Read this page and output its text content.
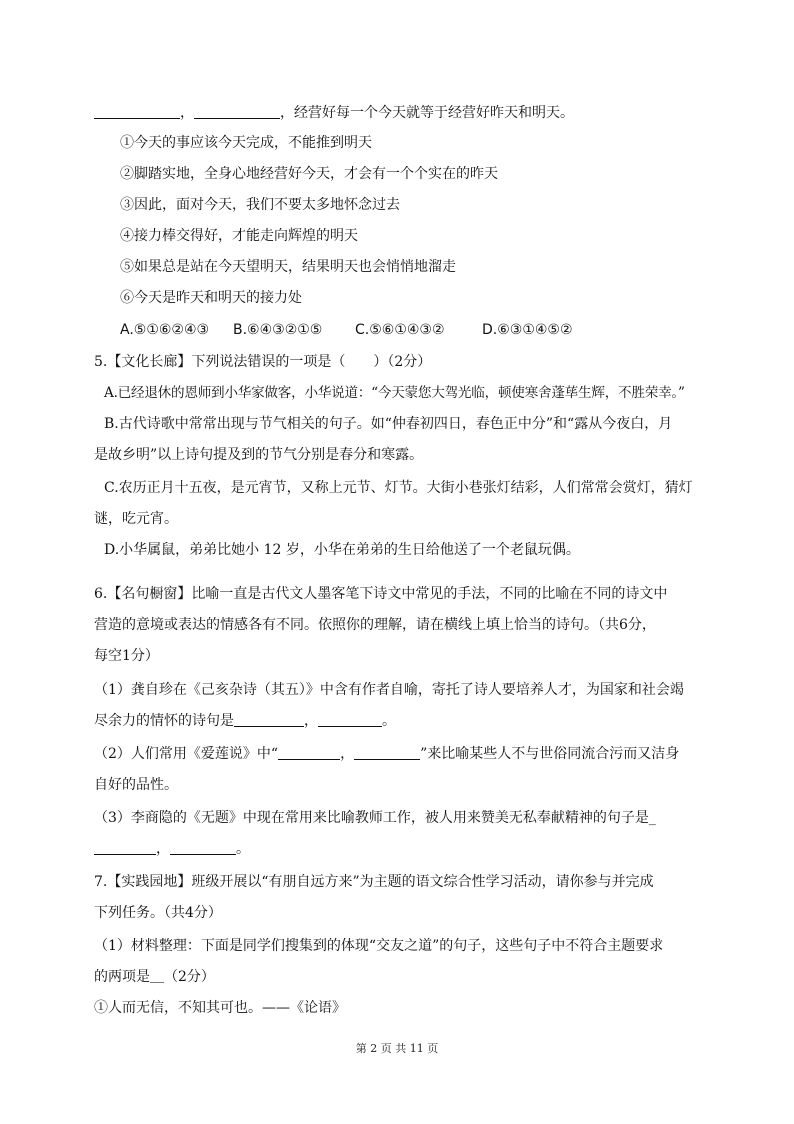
，	，经营好每一个今天就等于经营好昨天和明天。
①今天的事应该今天完成，不能推到明天
②脚踏实地，全身心地经营好今天，才会有一个个实在的昨天
③因此，面对今天，我们不要太多地怀念过去
④接力棒交得好，才能走向辉煌的明天
⑤如果总是站在今天望明天，结果明天也会悄悄地溜走
⑥今天是昨天和明天的接力处
A.⑤①⑥②④③ B.⑥④③②①⑤ C.⑤⑥①④③②	D.⑥③①④⑤②
5.【文化长廊】下列说法错误的一项是（　　）（2分）
A.已经退休的恩师到小华家做客，小华说道：“今天蒙您大驾光临，顿使寒舍蓬荜生辉，不胜荣幸。”
B.古代诗歌中常常出现与节气相关的句子。如“仲春初四日，春色正中分”和“露从今夜白，月
是故乡明”以上诗句提及到的节气分别是春分和寒露。
C.农历正月十五夜，是元宵节，又称上元节、灯节。大街小巷张灯结彩，人们常常会赏灯，猜灯
谜，吃元宵。
D.小华属鼠，弟弟比她小 12 岁，小华在弟弟的生日给他送了一个老鼠玩偶。
6.【名句橱窗】比喻一直是古代文人墨客笔下诗文中常见的手法，不同的比喻在不同的诗文中
营造的意境或表达的情感各有不同。依照你的理解，请在横线上填上恰当的诗句。（共6分，
每空1分）
（1）龚自珍在《己亥杂诗（其五）》中含有作者自喻，寄托了诗人要培养人才，为国家和社会竭
尽余力的情怀的诗句是	，	。
（2）人们常用《爱莲说》中“	，	”来比喻某些人不与世俗同流合污而又洁身
自好的品性。
（3）李商隐的《无题》中现在常用来比喻教师工作，被人用来赞美无私奉献精神的句子是_
，	。
7.【实践园地】班级开展以“有朋自远方来”为主题的语文综合性学习活动，请你参与并完成
下列任务。（共4分）
（1）材料整理：下面是同学们搜集到的体现“交友之道”的句子，这些句子中不符合主题要求
的两项是＿（2分）
①人而无信，不知其可也。——《论语》
第 2 页 共 11 页
